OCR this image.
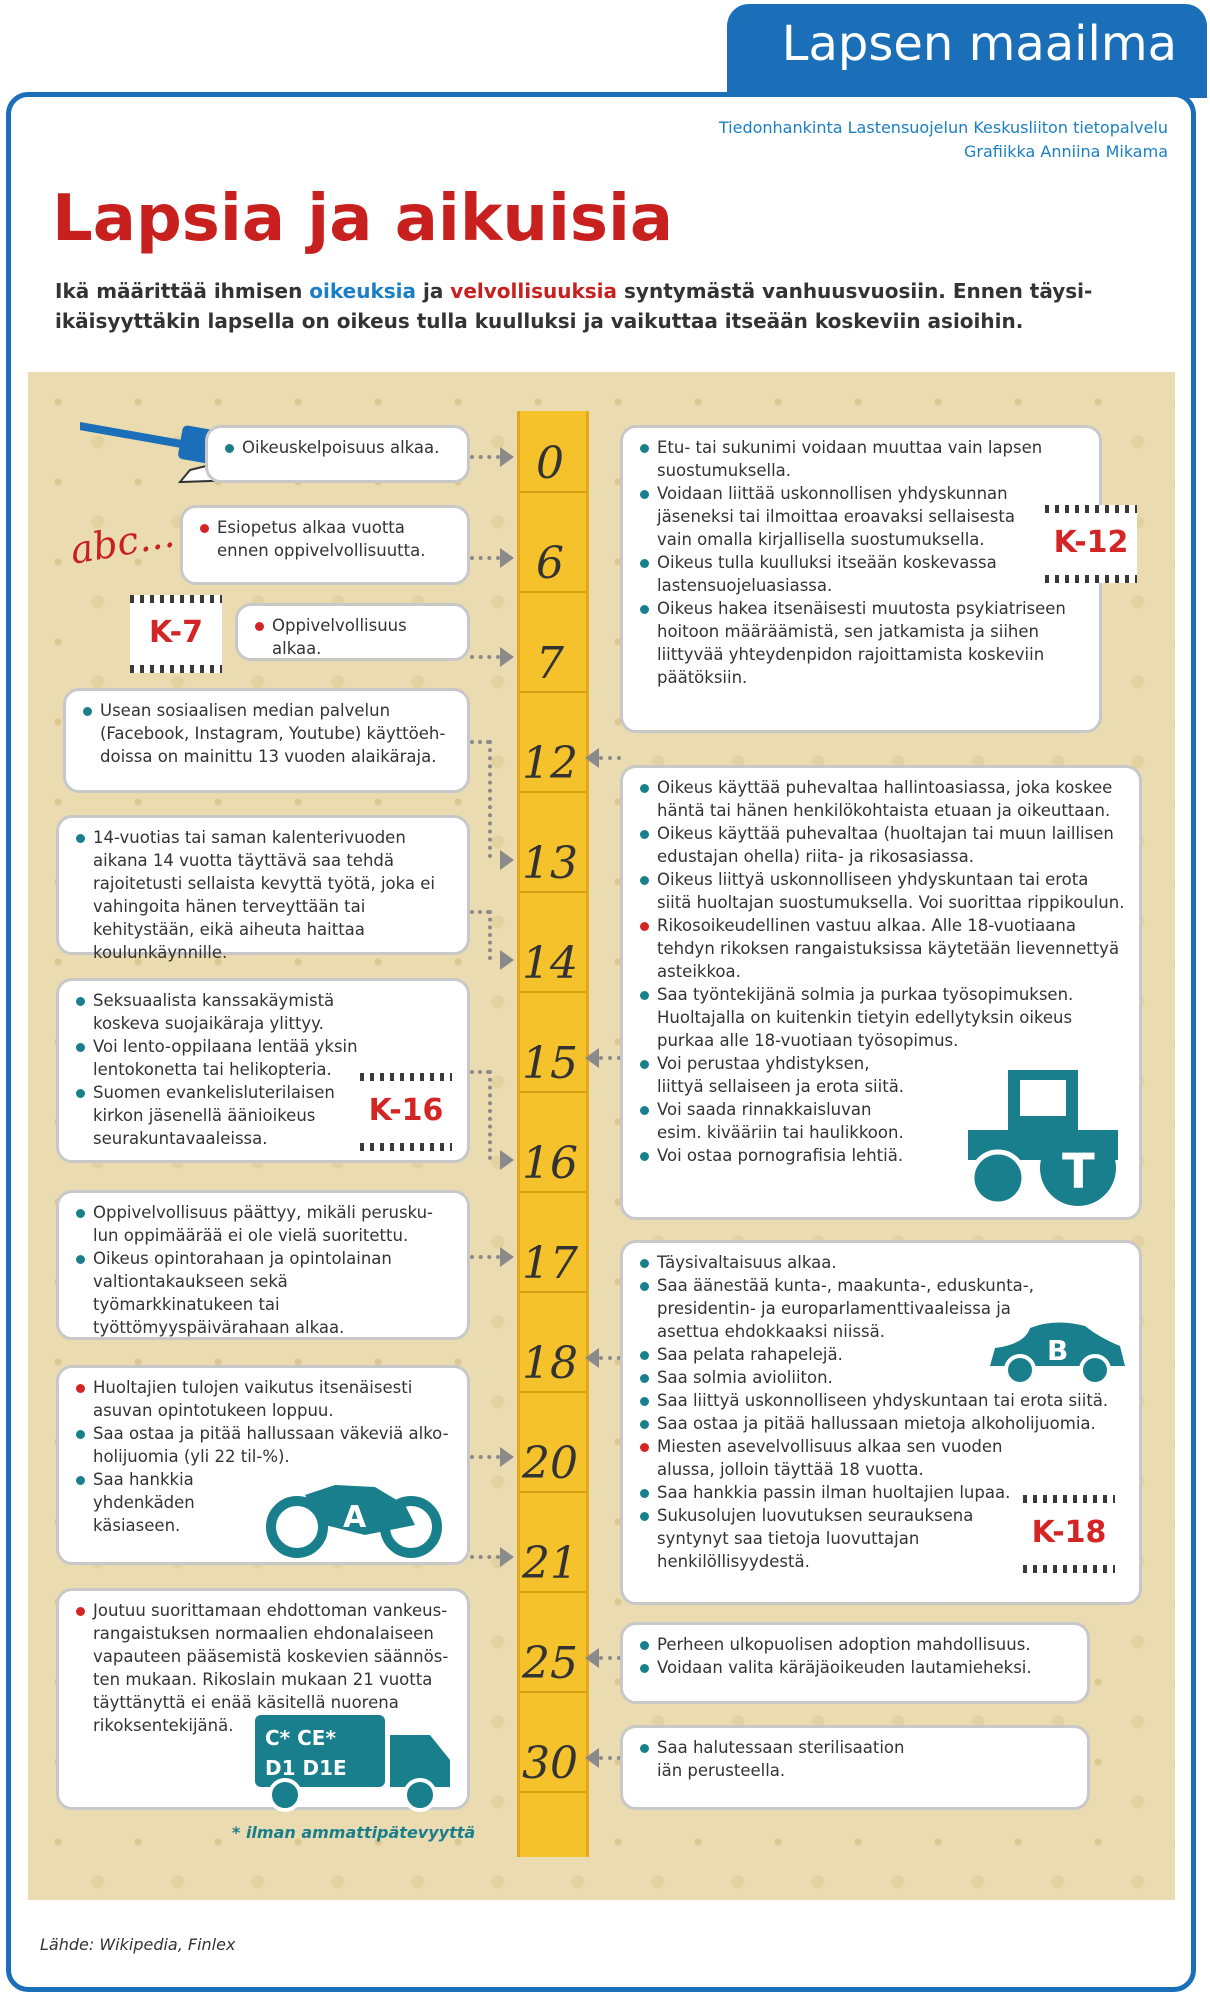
Lapsen maailma
Tiedonhankinta Lastensuojelun Keskusliiton tietopalvelu
Grafiikka Anniina Mikama
Lapsia ja aikuisia
Ikä määrittää ihmisen oikeuksia ja velvollisuuksia syntymästä vanhuusvuosiin. Ennen täysi-ikäisyyttäkin lapsella on oikeus tulla kuulluksi ja vaikuttaa itseään koskeviin asioihin.
abc...
0
6
7
12
13
14
15
16
17
18
20
21
25
30
Oikeuskelpoisuus alkaa.
Esiopetus alkaa vuotta ennen oppivelvollisuutta.
Oppivelvollisuus alkaa.
K-7
Usean sosiaalisen median palvelun (Facebook, Instagram, Youtube) käyttöeh-doissa on mainittu 13 vuoden alaikäraja.
14-vuotias tai saman kalenterivuoden aikana 14 vuotta täyttävä saa tehdä rajoitetusti sellaista kevyttä työtä, joka ei vahingoita hänen terveyttään tai kehitystään, eikä aiheuta haittaa koulunkäynnille.
Seksuaalista kanssakäymistä koskeva suojaikäraja ylittyy.
Voi lento-oppilaana lentää yksin lentokonetta tai helikopteria.
Suomen evankelisluterilaisen kirkon jäsenellä äänioikeus seurakuntavaaleissa.
K-16
Oppivelvollisuus päättyy, mikäli perusku-lun oppimäärää ei ole vielä suoritettu.
Oikeus opintorahaan ja opintolainan valtiontakaukseen sekä työmarkkinatukeen tai työttömyyspäivärahaan alkaa.
Huoltajien tulojen vaikutus itsenäisesti asuvan opintotukeen loppuu.
Saa ostaa ja pitää hallussaan väkeviä alko-holijuomia (yli 22 til-%).
Saa hankkia yhdenkäden käsiaseen.	A
Joutuu suorittamaan ehdottoman vankeus-rangaistuksen normaalien ehdonalaiseen vapauteen pääsemistä koskevien säännös-ten mukaan. Rikoslain mukaan 21 vuotta täyttänyttä ei enää käsitellä nuorena rikoksentekijänä.
C* CE*
D1 D1E
Etu- tai sukunimi voidaan muuttaa vain lapsen suostumuksella.
Voidaan liittää uskonnollisen yhdyskunnan jäseneksi tai ilmoittaa eroavaksi sellaisesta vain omalla kirjallisella suostumuksella.
Oikeus tulla kuulluksi itseään koskevassa lastensuojeluasiassa.
Oikeus hakea itsenäisesti muutosta psykiatriseen hoitoon määräämistä, sen jatkamista ja siihen liittyvää yhteydenpidon rajoittamista koskeviin päätöksiin.
K-12
Oikeus käyttää puhevaltaa hallintoasiassa, joka koskee häntä tai hänen henkilökohtaista etuaan ja oikeuttaan.
Oikeus käyttää puhevaltaa (huoltajan tai muun laillisen edustajan ohella) riita- ja rikosasiassa.
Oikeus liittyä uskonnolliseen yhdyskuntaan tai erota siitä huoltajan suostumuksella. Voi suorittaa rippikoulun.
Rikosoikeudellinen vastuu alkaa. Alle 18-vuotiaana tehdyn rikoksen rangaistuksissa käytetään lievennettyä asteikkoa.
Saa työntekijänä solmia ja purkaa työsopimuksen. Huoltajalla on kuitenkin tietyin edellytyksin oikeus purkaa alle 18-vuotiaan työsopimus.
Voi perustaa yhdistyksen, liittyä sellaiseen ja erota siitä.
Voi saada rinnakkaisluvan esim. kivääriin tai haulikkoon.
Voi ostaa pornografisia lehtiä.	T
Täysivaltaisuus alkaa.
Saa äänestää kunta-, maakunta-, eduskunta-, presidentin- ja europarlamenttivaaleissa ja asettua ehdokkaaksi niissä.
Saa pelata rahapelejä.
Saa solmia avioliiton.
Saa liittyä uskonnolliseen yhdyskuntaan tai erota siitä.
Saa ostaa ja pitää hallussaan mietoja alkoholijuomia.
Miesten asevelvollisuus alkaa sen vuoden alussa, jolloin täyttää 18 vuotta.
Saa hankkia passin ilman huoltajien lupaa.
Sukusolujen luovutuksen seurauksena syntynyt saa tietoja luovuttajan henkilöllisyydestä.
B
K-18
Perheen ulkopuolisen adoption mahdollisuus.
Voidaan valita käräjäoikeuden lautamieheksi.
Saa halutessaan sterilisaation iän perusteella.
* ilman ammattipätevyyttä
Lähde: Wikipedia, Finlex
